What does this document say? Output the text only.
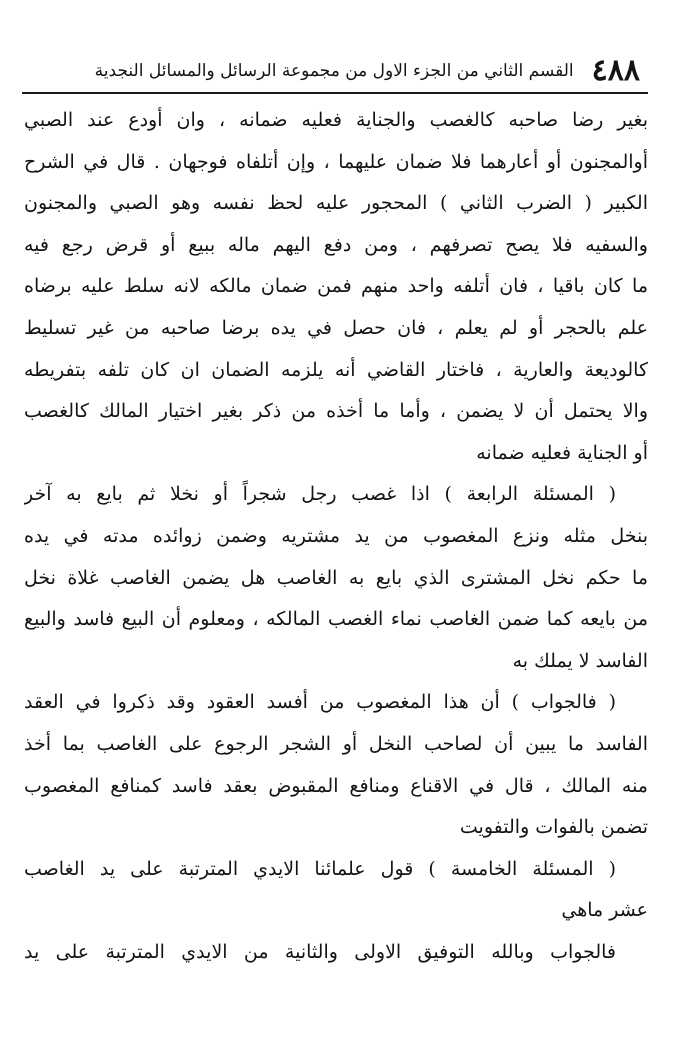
٤٨٨
القسم الثاني من الجزء الاول من مجموعة الرسائل والمسائل النجدية
بغير رضا صاحبه كالغصب والجناية فعليه ضمانه ، وان أودع عند الصبي
أوالمجنون أو أعارهما فلا ضمان عليهما ، وإن أتلفاه فوجهان . قال في الشرح
الكبير ( الضرب الثاني ) المحجور عليه لحظ نفسه وهو الصبي والمجنون
والسفيه فلا يصح تصرفهم ، ومن دفع اليهم ماله ببيع أو قرض رجع فيه
ما كان باقيا ، فان أتلفه واحد منهم فمن ضمان مالكه لانه سلط عليه برضاه
علم بالحجر أو لم يعلم ، فان حصل في يده برضا صاحبه من غير تسليط
كالوديعة والعارية ، فاختار القاضي أنه يلزمه الضمان ان كان تلفه بتفريطه
والا يحتمل أن لا يضمن ، وأما ما أخذه من ذكر بغير اختيار المالك كالغصب
أو الجناية فعليه ضمانه
( المسئلة الرابعة ) اذا غصب رجل شجراً أو نخلا ثم بايع به آخر
بنخل مثله ونزع المغصوب من يد مشتريه وضمن زوائده مدته في يده
ما حكم نخل المشترى الذي بايع به الغاصب هل يضمن الغاصب غلاة نخل
من بايعه كما ضمن الغاصب نماء الغصب المالكه ، ومعلوم أن البيع فاسد والبيع
الفاسد لا يملك به
( فالجواب ) أن هذا المغصوب من أفسد العقود وقد ذكروا في العقد
الفاسد ما يبين أن لصاحب النخل أو الشجر الرجوع على الغاصب بما أخذ
منه المالك ، قال في الاقناع ومنافع المقبوض بعقد فاسد كمنافع المغصوب
تضمن بالفوات والتفويت
( المسئلة الخامسة ) قول علمائنا الايدي المترتبة على يد الغاصب
عشر ماهي
فالجواب وبالله التوفيق الاولى والثانية من الايدي المترتبة على يد
